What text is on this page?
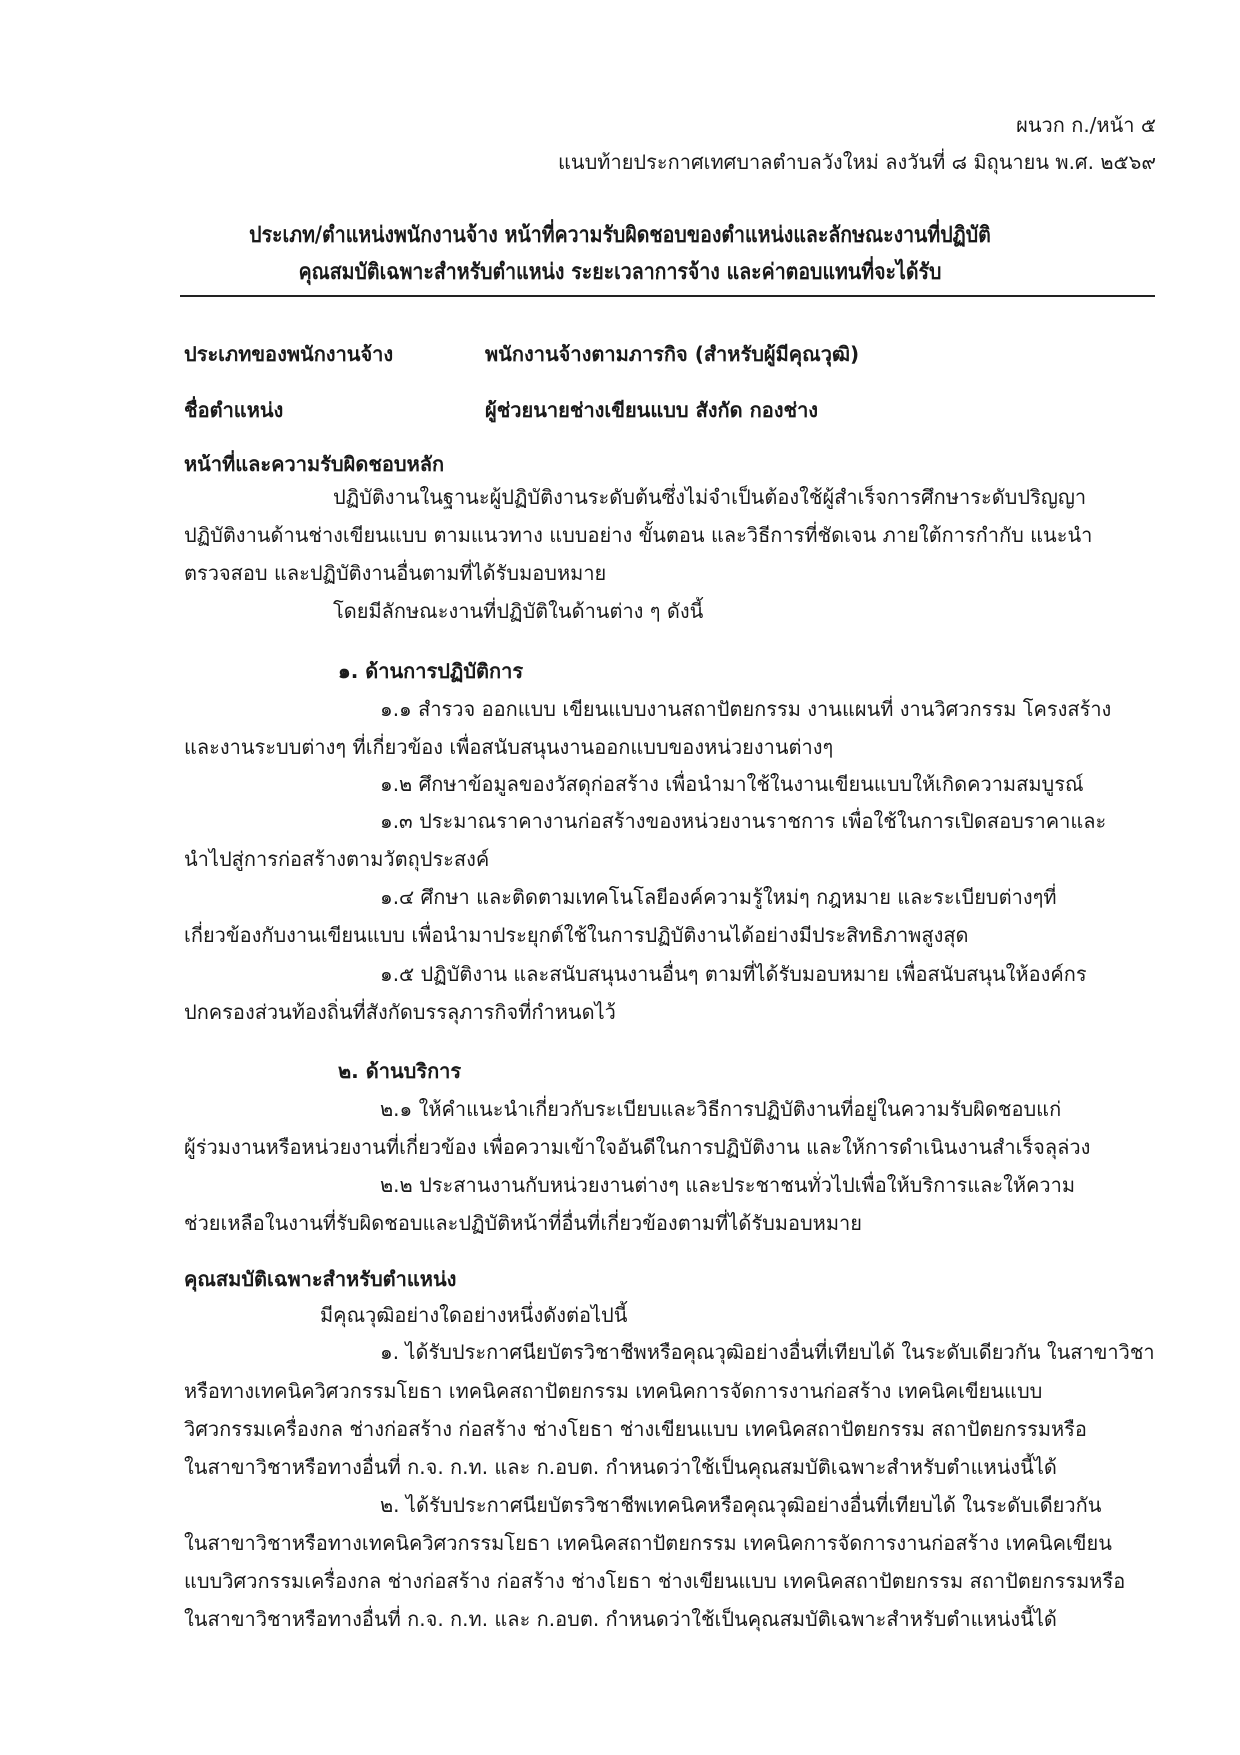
ผนวก ก./หน้า ๕
แนบท้ายประกาศเทศบาลตำบลวังใหม่ ลงวันที่ ๘ มิถุนายน พ.ศ. ๒๕๖๙
ประเภท/ตำแหน่งพนักงานจ้าง หน้าที่ความรับผิดชอบของตำแหน่งและลักษณะงานที่ปฏิบัติ
คุณสมบัติเฉพาะสำหรับตำแหน่ง ระยะเวลาการจ้าง และค่าตอบแทนที่จะได้รับ
ประเภทของพนักงานจ้าง	พนักงานจ้างตามภารกิจ (สำหรับผู้มีคุณวุฒิ)
ชื่อตำแหน่ง	ผู้ช่วยนายช่างเขียนแบบ สังกัด กองช่าง
หน้าที่และความรับผิดชอบหลัก
ปฏิบัติงานในฐานะผู้ปฏิบัติงานระดับต้นซึ่งไม่จำเป็นต้องใช้ผู้สำเร็จการศึกษาระดับปริญญา
ปฏิบัติงานด้านช่างเขียนแบบ ตามแนวทาง แบบอย่าง ขั้นตอน และวิธีการที่ชัดเจน ภายใต้การกำกับ แนะนำ
ตรวจสอบ และปฏิบัติงานอื่นตามที่ได้รับมอบหมาย
โดยมีลักษณะงานที่ปฏิบัติในด้านต่าง ๆ ดังนี้
๑. ด้านการปฏิบัติการ
๑.๑ สำรวจ ออกแบบ เขียนแบบงานสถาปัตยกรรม งานแผนที่ งานวิศวกรรม โครงสร้าง
และงานระบบต่างๆ ที่เกี่ยวข้อง เพื่อสนับสนุนงานออกแบบของหน่วยงานต่างๆ
๑.๒ ศึกษาข้อมูลของวัสดุก่อสร้าง เพื่อนำมาใช้ในงานเขียนแบบให้เกิดความสมบูรณ์
๑.๓ ประมาณราคางานก่อสร้างของหน่วยงานราชการ เพื่อใช้ในการเปิดสอบราคาและ
นำไปสู่การก่อสร้างตามวัตถุประสงค์
๑.๔ ศึกษา และติดตามเทคโนโลยีองค์ความรู้ใหม่ๆ กฎหมาย และระเบียบต่างๆที่
เกี่ยวข้องกับงานเขียนแบบ เพื่อนำมาประยุกต์ใช้ในการปฏิบัติงานได้อย่างมีประสิทธิภาพสูงสุด
๑.๕ ปฏิบัติงาน และสนับสนุนงานอื่นๆ ตามที่ได้รับมอบหมาย เพื่อสนับสนุนให้องค์กร
ปกครองส่วนท้องถิ่นที่สังกัดบรรลุภารกิจที่กำหนดไว้
๒. ด้านบริการ
๒.๑ ให้คำแนะนำเกี่ยวกับระเบียบและวิธีการปฏิบัติงานที่อยู่ในความรับผิดชอบแก่
ผู้ร่วมงานหรือหน่วยงานที่เกี่ยวข้อง เพื่อความเข้าใจอันดีในการปฏิบัติงาน และให้การดำเนินงานสำเร็จลุล่วง
๒.๒ ประสานงานกับหน่วยงานต่างๆ และประชาชนทั่วไปเพื่อให้บริการและให้ความ
ช่วยเหลือในงานที่รับผิดชอบและปฏิบัติหน้าที่อื่นที่เกี่ยวข้องตามที่ได้รับมอบหมาย
คุณสมบัติเฉพาะสำหรับตำแหน่ง
มีคุณวุฒิอย่างใดอย่างหนึ่งดังต่อไปนี้
๑. ได้รับประกาศนียบัตรวิชาชีพหรือคุณวุฒิอย่างอื่นที่เทียบได้ ในระดับเดียวกัน ในสาขาวิชา
หรือทางเทคนิควิศวกรรมโยธา เทคนิคสถาปัตยกรรม เทคนิคการจัดการงานก่อสร้าง เทคนิคเขียนแบบ
วิศวกรรมเครื่องกล ช่างก่อสร้าง ก่อสร้าง ช่างโยธา ช่างเขียนแบบ เทคนิคสถาปัตยกรรม สถาปัตยกรรมหรือ
ในสาขาวิชาหรือทางอื่นที่ ก.จ. ก.ท. และ ก.อบต. กำหนดว่าใช้เป็นคุณสมบัติเฉพาะสำหรับตำแหน่งนี้ได้
๒. ได้รับประกาศนียบัตรวิชาชีพเทคนิคหรือคุณวุฒิอย่างอื่นที่เทียบได้ ในระดับเดียวกัน
ในสาขาวิชาหรือทางเทคนิควิศวกรรมโยธา เทคนิคสถาปัตยกรรม เทคนิคการจัดการงานก่อสร้าง เทคนิคเขียน
แบบวิศวกรรมเครื่องกล ช่างก่อสร้าง ก่อสร้าง ช่างโยธา ช่างเขียนแบบ เทคนิคสถาปัตยกรรม สถาปัตยกรรมหรือ
ในสาขาวิชาหรือทางอื่นที่ ก.จ. ก.ท. และ ก.อบต. กำหนดว่าใช้เป็นคุณสมบัติเฉพาะสำหรับตำแหน่งนี้ได้
